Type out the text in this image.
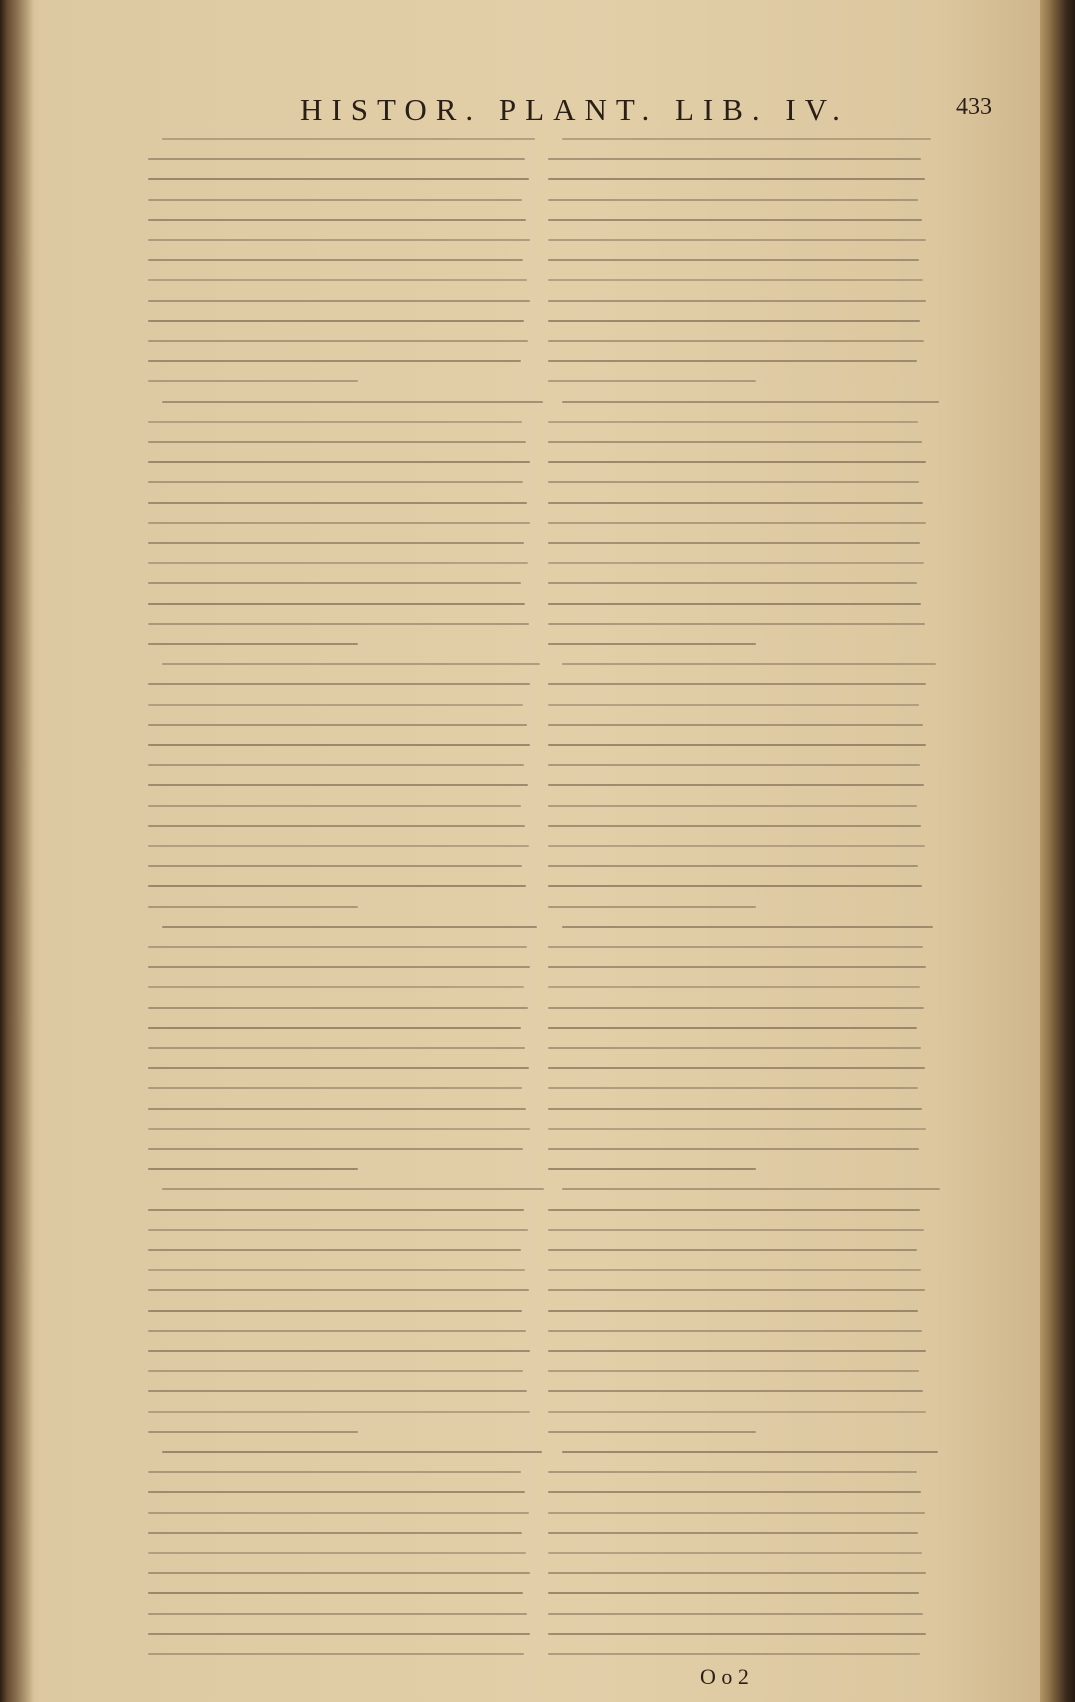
HISTOR. PLANT. LIB. IV.	433
O o 2
